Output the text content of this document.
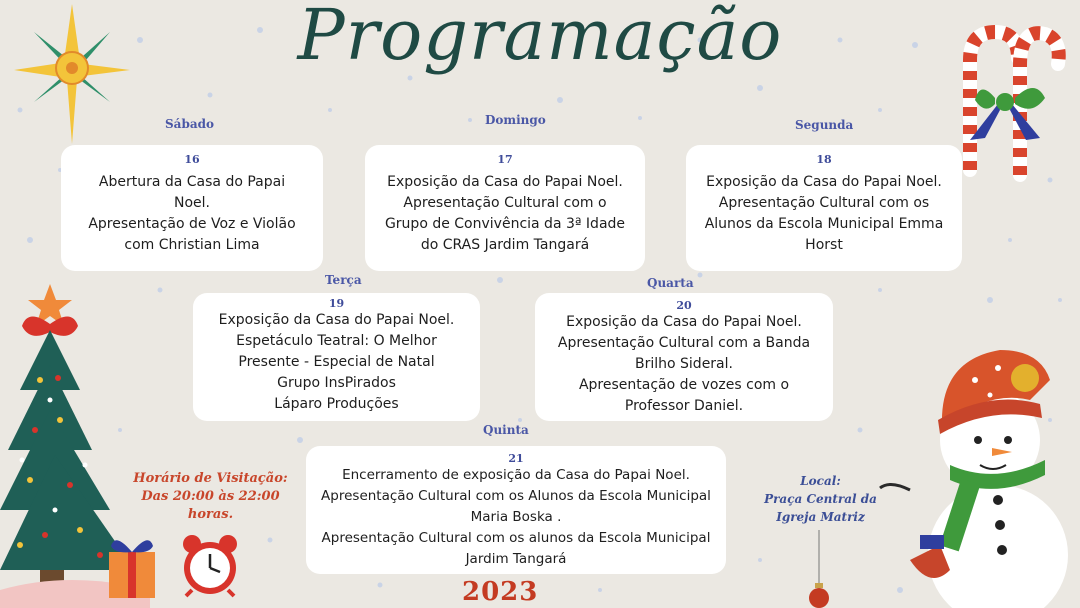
Programação
Sábado
16
Abertura da Casa do Papai
Noel.
Apresentação de Voz e Violão
com Christian Lima
Domingo
17
Exposição da Casa do Papai Noel.
Apresentação Cultural com o
Grupo de Convivência da 3ª Idade
do CRAS Jardim Tangará
Segunda
18
Exposição da Casa do Papai Noel.
Apresentação Cultural com os
Alunos da Escola Municipal Emma
Horst
Terça
19
Exposição da Casa do Papai Noel.
Espetáculo Teatral: O Melhor
Presente - Especial de Natal
Grupo InsPirados
Láparo Produções
Quarta
20
Exposição da Casa do Papai Noel.
Apresentação Cultural com a Banda
Brilho Sideral.
Apresentação de vozes com o
Professor Daniel.
Quinta
21
Encerramento de exposição da Casa do Papai Noel.
Apresentação Cultural com os Alunos da Escola Municipal
Maria Boska .
Apresentação Cultural com os alunos da Escola Municipal
Jardim Tangará
Horário de Visitação:
Das 20:00 às 22:00
horas.
Local:
Praça Central da
Igreja Matriz
2023
